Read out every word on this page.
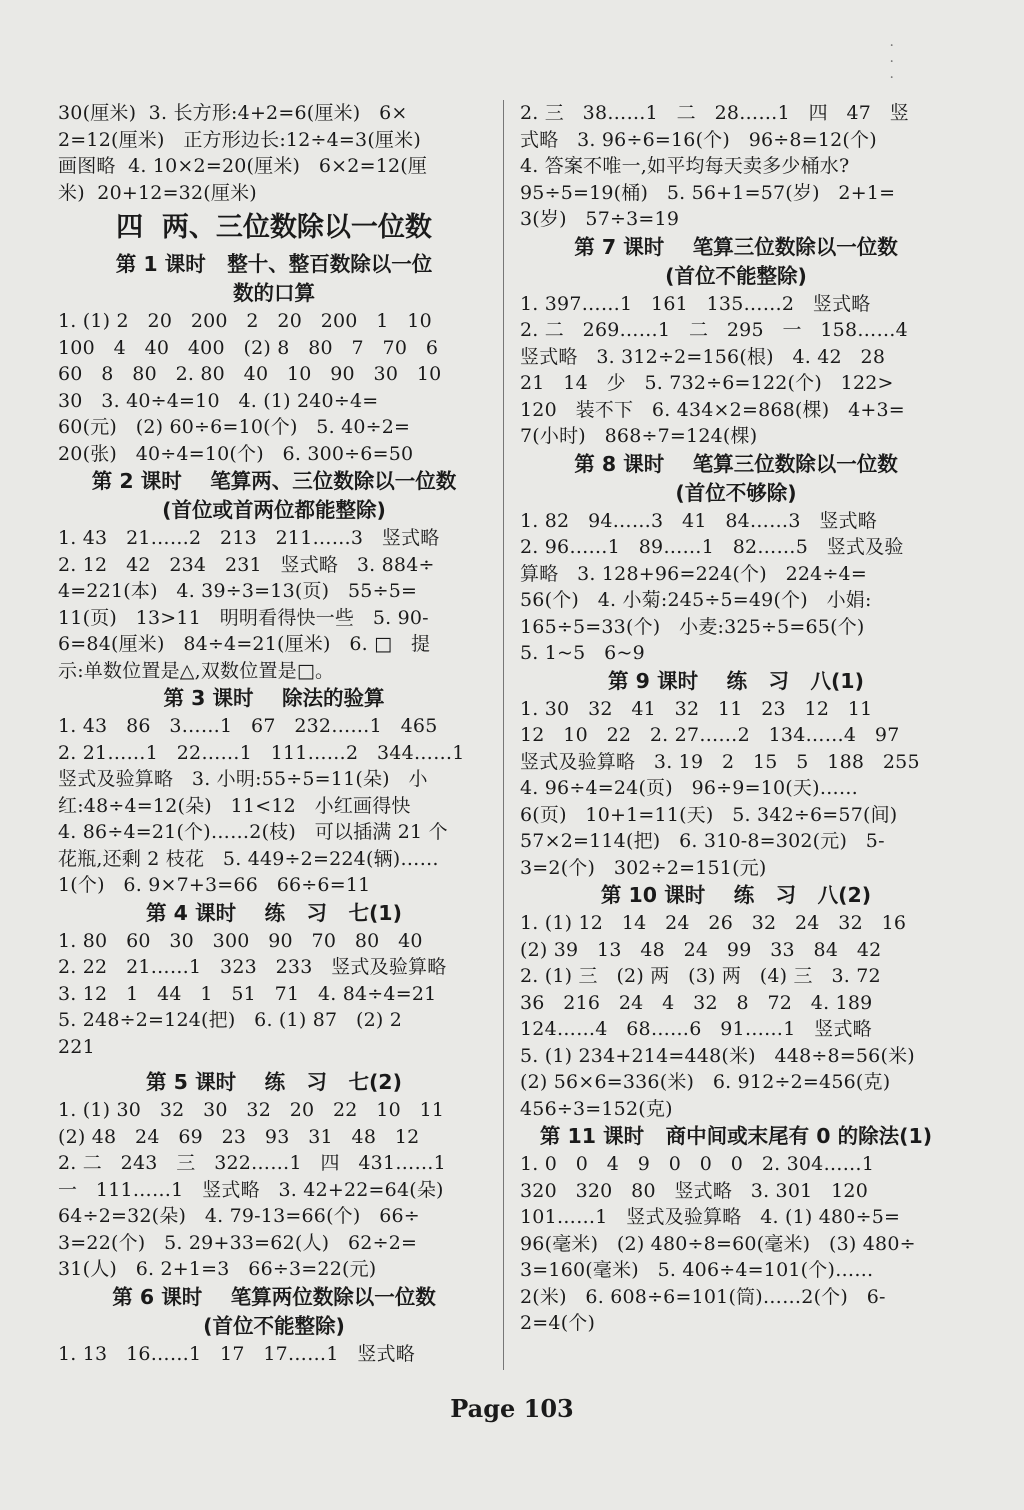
·
·
·
30(厘米)  3. 长方形:4+2=6(厘米)   6×
2=12(厘米)   正方形边长:12÷4=3(厘米)
画图略  4. 10×2=20(厘米)   6×2=12(厘
米)  20+12=32(厘米)
四  两、三位数除以一位数
第 1 课时   整十、整百数除以一位
数的口算
1. (1) 2   20   200   2   20   200   1   10
100   4   40   400   (2) 8   80   7   70   6
60   8   80   2. 80   40   10   90   30   10
30   3. 40÷4=10   4. (1) 240÷4=
60(元)   (2) 60÷6=10(个)   5. 40÷2=
20(张)   40÷4=10(个)   6. 300÷6=50
第 2 课时    笔算两、三位数除以一位数
(首位或首两位都能整除)
1. 43   21……2   213   211……3   竖式略
2. 12   42   234   231   竖式略   3. 884÷
4=221(本)   4. 39÷3=13(页)   55÷5=
11(页)   13>11   明明看得快一些   5. 90-
6=84(厘米)   84÷4=21(厘米)   6. □   提
示:单数位置是△,双数位置是□。
第 3 课时    除法的验算
1. 43   86   3……1   67   232……1   465
2. 21……1   22……1   111……2   344……1
竖式及验算略   3. 小明:55÷5=11(朵)   小
红:48÷4=12(朵)   11<12   小红画得快
4. 86÷4=21(个)……2(枝)   可以插满 21 个
花瓶,还剩 2 枝花   5. 449÷2=224(辆)……
1(个)   6. 9×7+3=66   66÷6=11
第 4 课时    练   习   七(1)
1. 80   60   30   300   90   70   80   40
2. 22   21……1   323   233   竖式及验算略
3. 12   1   44   1   51   71   4. 84÷4=21
5. 248÷2=124(把)   6. (1) 87   (2) 2
221
第 5 课时    练   习   七(2)
1. (1) 30   32   30   32   20   22   10   11
(2) 48   24   69   23   93   31   48   12
2. 二   243   三   322……1   四   431……1
一   111……1   竖式略   3. 42+22=64(朵)
64÷2=32(朵)   4. 79-13=66(个)   66÷
3=22(个)   5. 29+33=62(人)   62÷2=
31(人)   6. 2+1=3   66÷3=22(元)
第 6 课时    笔算两位数除以一位数
(首位不能整除)
1. 13   16……1   17   17……1   竖式略
2. 三   38……1   二   28……1   四   47   竖
式略   3. 96÷6=16(个)   96÷8=12(个)
4. 答案不唯一,如平均每天卖多少桶水?
95÷5=19(桶)   5. 56+1=57(岁)   2+1=
3(岁)   57÷3=19
第 7 课时    笔算三位数除以一位数
(首位不能整除)
1. 397……1   161   135……2   竖式略
2. 二   269……1   二   295   一   158……4
竖式略   3. 312÷2=156(根)   4. 42   28
21   14   少   5. 732÷6=122(个)   122>
120   装不下   6. 434×2=868(棵)   4+3=
7(小时)   868÷7=124(棵)
第 8 课时    笔算三位数除以一位数
(首位不够除)
1. 82   94……3   41   84……3   竖式略
2. 96……1   89……1   82……5   竖式及验
算略   3. 128+96=224(个)   224÷4=
56(个)   4. 小菊:245÷5=49(个)   小娟:
165÷5=33(个)   小麦:325÷5=65(个)
5. 1~5   6~9
第 9 课时    练   习   八(1)
1. 30   32   41   32   11   23   12   11
12   10   22   2. 27……2   134……4   97
竖式及验算略   3. 19   2   15   5   188   255
4. 96÷4=24(页)   96÷9=10(天)……
6(页)   10+1=11(天)   5. 342÷6=57(间)
57×2=114(把)   6. 310-8=302(元)   5-
3=2(个)   302÷2=151(元)
第 10 课时    练   习   八(2)
1. (1) 12   14   24   26   32   24   32   16
(2) 39   13   48   24   99   33   84   42
2. (1) 三   (2) 两   (3) 两   (4) 三   3. 72
36   216   24   4   32   8   72   4. 189
124……4   68……6   91……1   竖式略
5. (1) 234+214=448(米)   448÷8=56(米)
(2) 56×6=336(米)   6. 912÷2=456(克)
456÷3=152(克)
第 11 课时   商中间或末尾有 0 的除法(1)
1. 0   0   4   9   0   0   0   2. 304……1
320   320   80   竖式略   3. 301   120
101……1   竖式及验算略   4. (1) 480÷5=
96(毫米)   (2) 480÷8=60(毫米)   (3) 480÷
3=160(毫米)   5. 406÷4=101(个)……
2(米)   6. 608÷6=101(筒)……2(个)   6-
2=4(个)
Page 103
